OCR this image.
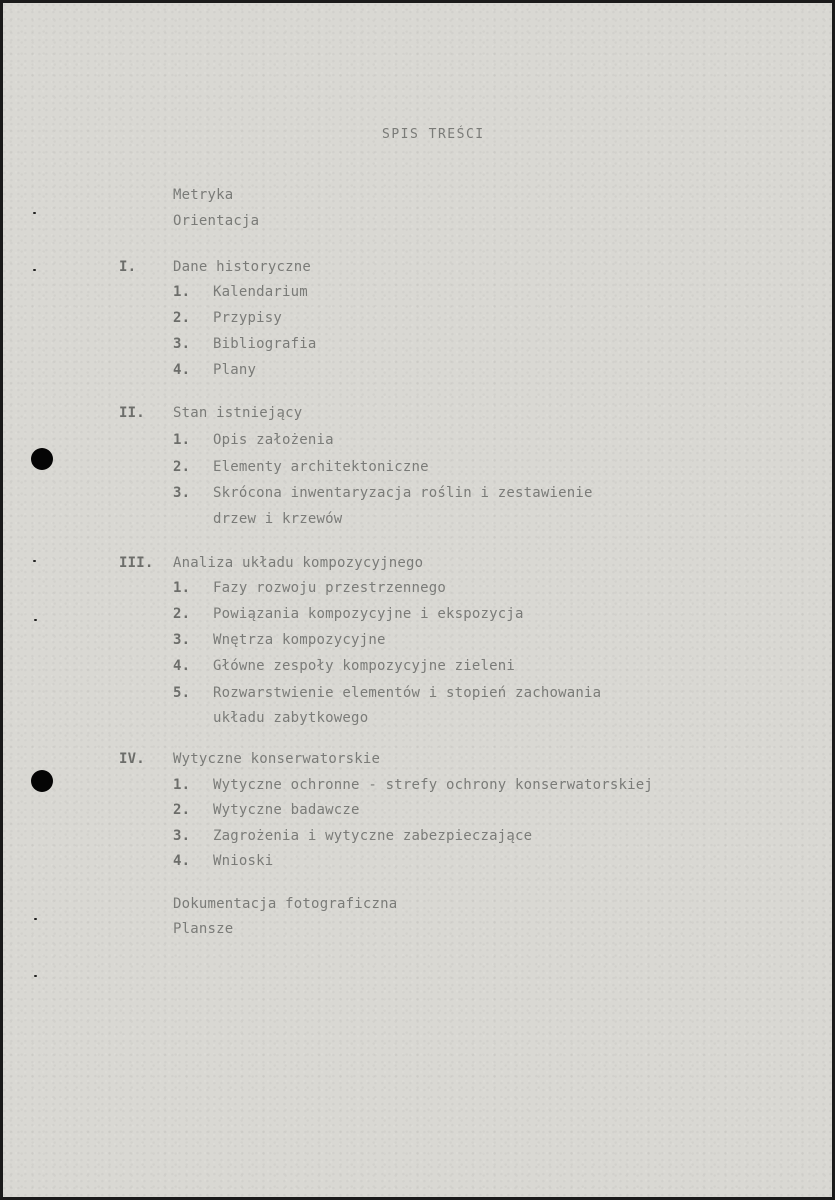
SPIS TREŚCI
Metryka
Orientacja
I.	Dane historyczne
1. Kalendarium
2. Przypisy
3. Bibliografia
4. Plany
II. Stan istniejący
1. Opis założenia
2. Elementy architektoniczne
3. Skrócona inwentaryzacja roślin i zestawienie
drzew i krzewów
III. Analiza układu kompozycyjnego
1. Fazy rozwoju przestrzennego
2. Powiązania kompozycyjne i ekspozycja
3. Wnętrza kompozycyjne
4. Główne zespoły kompozycyjne zieleni
5. Rozwarstwienie elementów i stopień zachowania
układu zabytkowego
IV. Wytyczne konserwatorskie
1. Wytyczne ochronne - strefy ochrony konserwatorskiej
2. Wytyczne badawcze
3. Zagrożenia i wytyczne zabezpieczające
4. Wnioski
Dokumentacja fotograficzna
Plansze
